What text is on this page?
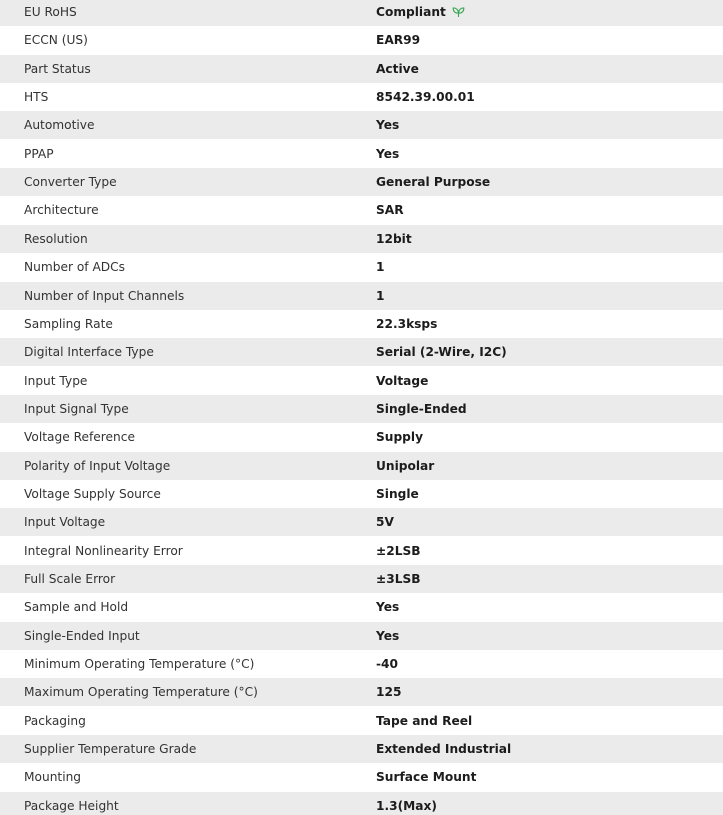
EU RoHS	Compliant
ECCN (US)	EAR99
Part Status	Active
HTS	8542.39.00.01
Automotive	Yes
PPAP	Yes
Converter Type	General Purpose
Architecture	SAR
Resolution	12bit
Number of ADCs	1
Number of Input Channels	1
Sampling Rate	22.3ksps
Digital Interface Type	Serial (2-Wire, I2C)
Input Type	Voltage
Input Signal Type	Single-Ended
Voltage Reference	Supply
Polarity of Input Voltage	Unipolar
Voltage Supply Source	Single
Input Voltage	5V
Integral Nonlinearity Error	±2LSB
Full Scale Error	±3LSB
Sample and Hold	Yes
Single-Ended Input	Yes
Minimum Operating Temperature (°C)	-40
Maximum Operating Temperature (°C)	125
Packaging	Tape and Reel
Supplier Temperature Grade	Extended Industrial
Mounting	Surface Mount
Package Height	1.3(Max)
